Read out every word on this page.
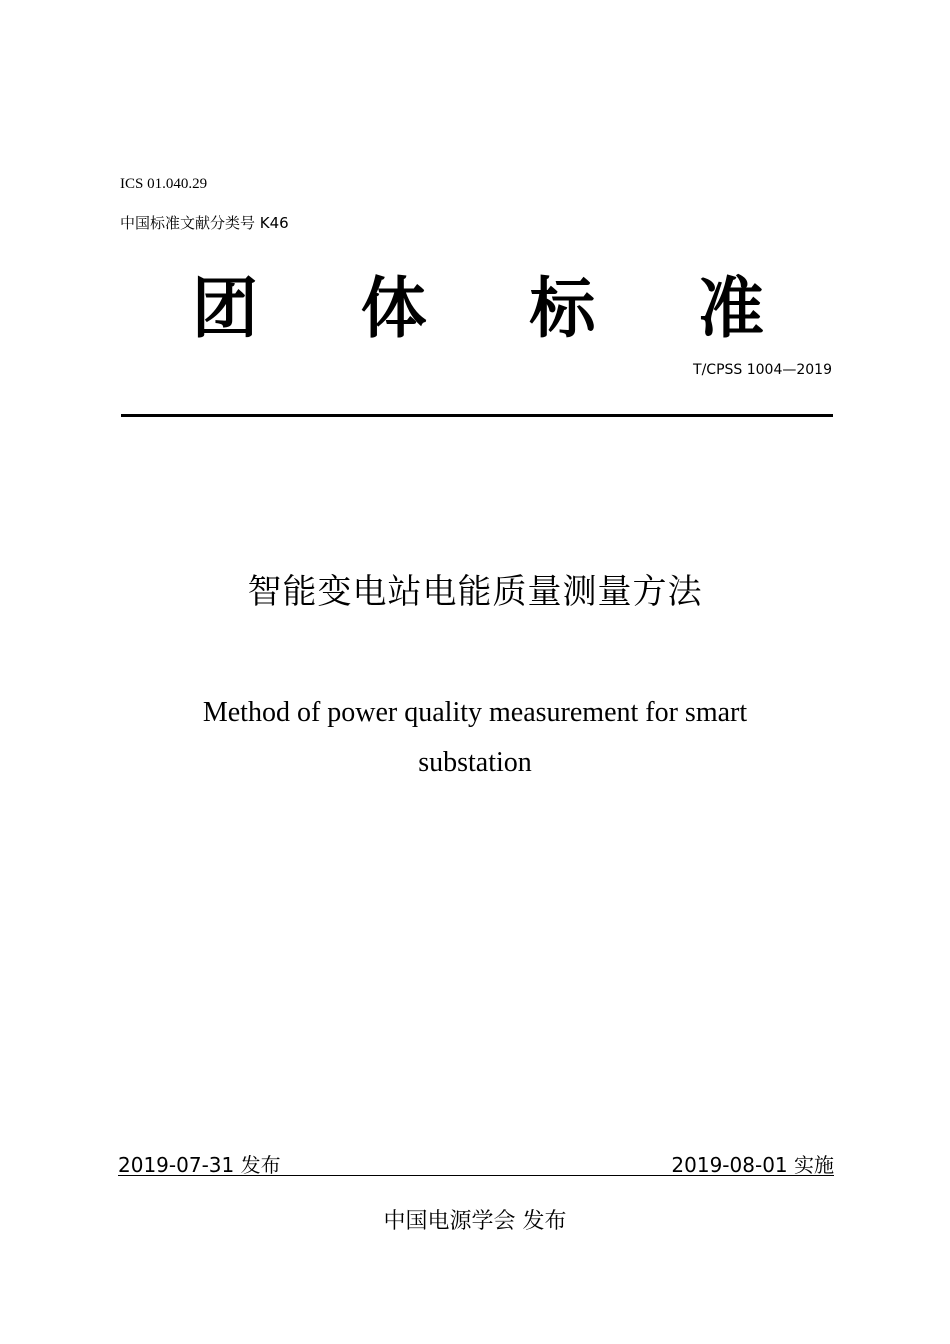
ICS 01.040.29
中国标准文献分类号 K46
团 体 标 准
T/CPSS 1004—2019
智能变电站电能质量测量方法
Method of power quality measurement for smart
substation
2019-07-31 发布	2019-08-01 实施
中国电源学会 发布
